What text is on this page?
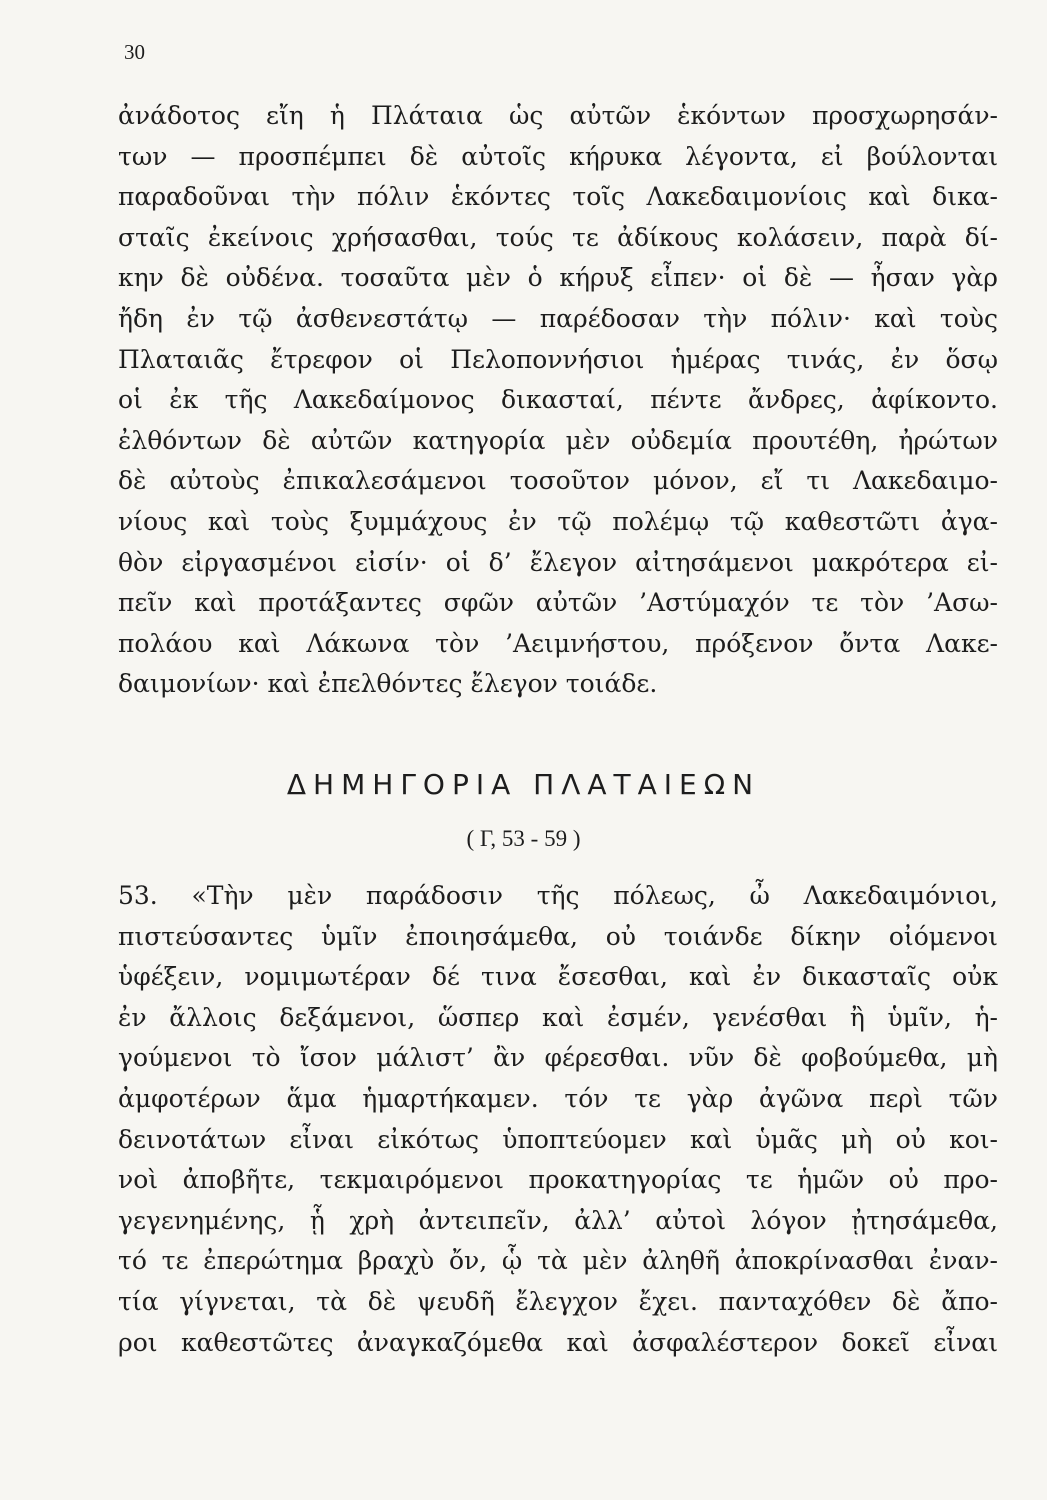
30

ἀνάδοτος εἴη ἡ Πλάταια ὡς αὐτῶν ἑκόντων προσχωρησάν-
των — προσπέμπει δὲ αὐτοῖς κήρυκα λέγοντα, εἰ βούλονται
παραδοῦναι τὴν πόλιν ἑκόντες τοῖς Λακεδαιμονίοις καὶ δικα-
σταῖς ἐκείνοις χρήσασθαι, τούς τε ἀδίκους κολάσειν, παρὰ δί-
κην δὲ οὐδένα. τοσαῦτα μὲν ὁ κήρυξ εἶπεν· οἱ δὲ — ἦσαν γὰρ
ἤδη ἐν τῷ ἀσθενεστάτῳ — παρέδοσαν τὴν πόλιν· καὶ τοὺς
Πλαταιᾶς ἔτρεφον οἱ Πελοποννήσιοι ἡμέρας τινάς, ἐν ὅσῳ
οἱ ἐκ τῆς Λακεδαίμονος δικασταί, πέντε ἄνδρες, ἀφίκοντο.
ἐλθόντων δὲ αὐτῶν κατηγορία μὲν οὐδεμία προυτέθη, ἠρώτων
δὲ αὐτοὺς ἐπικαλεσάμενοι τοσοῦτον μόνον, εἴ τι Λακεδαιμο-
νίους καὶ τοὺς ξυμμάχους ἐν τῷ πολέμῳ τῷ καθεστῶτι ἀγα-
θὸν εἰργασμένοι εἰσίν· οἱ δ’ ἔλεγον αἰτησάμενοι μακρότερα εἰ-
πεῖν καὶ προτάξαντες σφῶν αὐτῶν ’Αστύμαχόν τε τὸν ’Ασω-
πολάου καὶ Λάκωνα τὸν ’Αειμνήστου, πρόξενον ὄντα Λακε-
δαιμονίων· καὶ ἐπελθόντες ἔλεγον τοιάδε.

ΔΗΜΗΓΟΡΙΑ ΠΛΑΤΑΙΕΩΝ
( Γ, 53 - 59 )

53. «Τὴν μὲν παράδοσιν τῆς πόλεως, ὦ Λακεδαιμόνιοι,
πιστεύσαντες ὑμῖν ἐποιησάμεθα, οὐ τοιάνδε δίκην οἰόμενοι
ὑφέξειν, νομιμωτέραν δέ τινα ἔσεσθαι, καὶ ἐν δικασταῖς οὐκ
ἐν ἄλλοις δεξάμενοι, ὥσπερ καὶ ἐσμέν, γενέσθαι ἢ ὑμῖν, ἡ-
γούμενοι τὸ ἴσον μάλιστ’ ἂν φέρεσθαι. νῦν δὲ φοβούμεθα, μὴ
ἀμφοτέρων ἅμα ἡμαρτήκαμεν. τόν τε γὰρ ἀγῶνα περὶ τῶν
δεινοτάτων εἶναι εἰκότως ὑποπτεύομεν καὶ ὑμᾶς μὴ οὐ κοι-
νοὶ ἀποβῆτε, τεκμαιρόμενοι προκατηγορίας τε ἡμῶν οὐ προ-
γεγενημένης, ᾗ χρὴ ἀντειπεῖν, ἀλλ’ αὐτοὶ λόγον ᾐτησάμεθα,
τό τε ἐπερώτημα βραχὺ ὄν, ᾧ τὰ μὲν ἀληθῆ ἀποκρίνασθαι ἐναν-
τία γίγνεται, τὰ δὲ ψευδῆ ἔλεγχον ἔχει. πανταχόθεν δὲ ἄπο-
ροι καθεστῶτες ἀναγκαζόμεθα καὶ ἀσφαλέστερον δοκεῖ εἶναι
